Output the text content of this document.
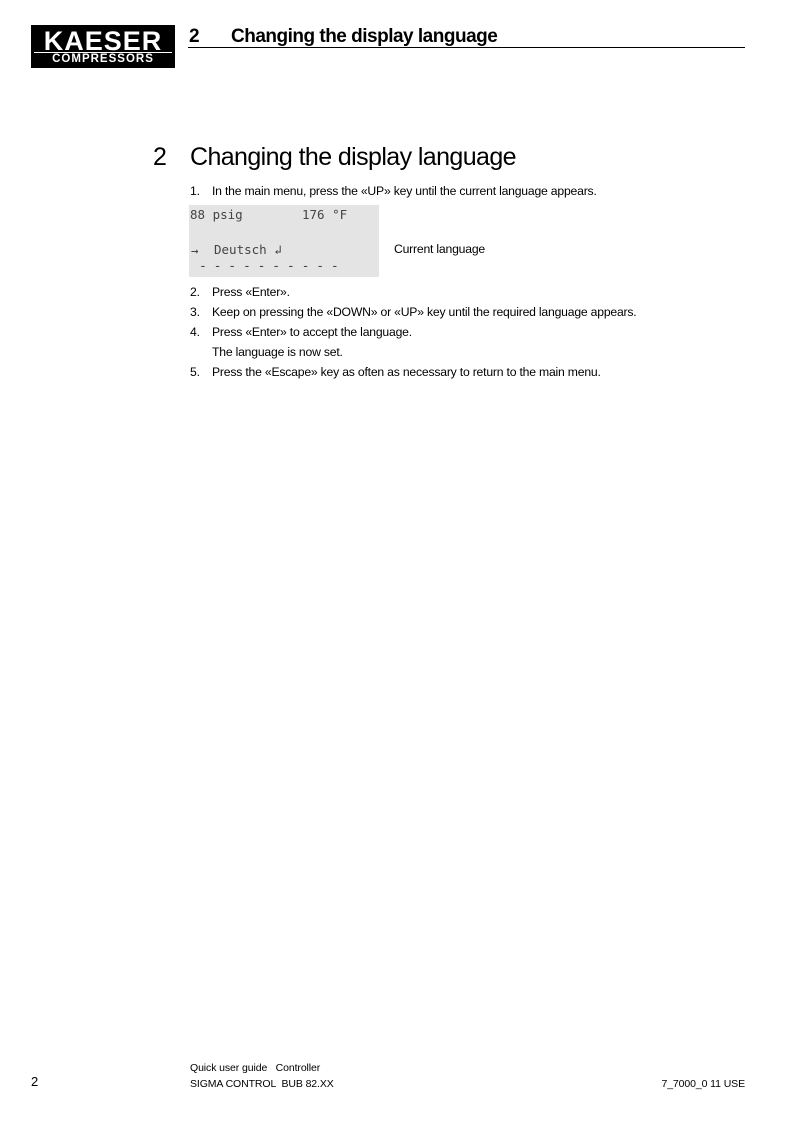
KAESER
COMPRESSORS
2 Changing the display language
2 Changing the display language
1. In the main menu, press the «UP» key until the current language appears.
88 psig	176 °F
→ Deutsch ↲
- - - - - - - - - -
Current language
2. Press «Enter».
3. Keep on pressing the «DOWN» or «UP» key until the required language appears.
4. Press «Enter» to accept the language.
The language is now set.
5. Press the «Escape» key as often as necessary to return to the main menu.
2
Quick user guide   Controller
SIGMA CONTROL  BUB 82.XX	7_7000_0 11 USE
